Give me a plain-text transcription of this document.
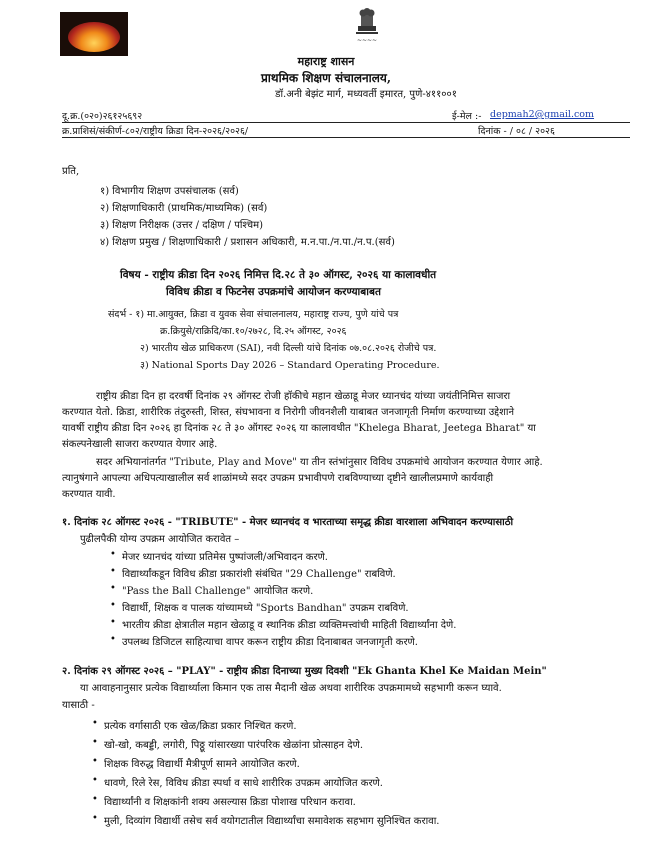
~~~~
महाराष्ट्र शासन
प्राथमिक शिक्षण संचालनालय,
डॉ.अनी बेझंट मार्ग, मध्यवर्ती इमारत, पुणे-४११००१
दू.क्र.(०२०)२६१२५६९२	ई-मेल :- depmah2@gmail.com
क्र.प्राशिसं/संकीर्ण-८०२/राष्ट्रीय क्रिडा दिन-२०२६/२०२६/	दिनांक - / ०८ / २०२६
प्रति,
१) विभागीय शिक्षण उपसंचालक (सर्व)
२) शिक्षणाधिकारी (प्राथमिक/माध्यमिक) (सर्व)
३) शिक्षण निरीक्षक (उत्तर / दक्षिण / पश्चिम)
४) शिक्षण प्रमुख / शिक्षणाधिकारी / प्रशासन अधिकारी, म.न.पा./न.पा./न.प.(सर्व)
विषय - राष्ट्रीय क्रीडा दिन २०२६ निमित्त दि.२८ ते ३० ऑगस्ट, २०२६ या कालावधीत
विविध क्रीडा व फिटनेस उपक्रमांचे आयोजन करण्याबाबत
संदर्भ - १) मा.आयुक्त, क्रिडा व युवक सेवा संचालनालय, महाराष्ट्र राज्य, पुणे यांचे पत्र
क्र.क्रियुसे/राक्रिदि/का.१०/२७२८, दि.२५ ऑगस्ट, २०२६
२) भारतीय खेळ प्राधिकरण (SAI), नवी दिल्ली यांचे दिनांक ०७.०८.२०२६ रोजीचे पत्र.
३) National Sports Day 2026 – Standard Operating Procedure.
राष्ट्रीय क्रीडा दिन हा दरवर्षी दिनांक २९ ऑगस्ट रोजी हॉकीचे महान खेळाडू मेजर ध्यानचंद यांच्या जयंतीनिमित्त साजरा
करण्यात येतो. क्रिडा, शारीरिक तंदुरुस्ती, शिस्त, संघभावना व निरोगी जीवनशैली याबाबत जनजागृती निर्माण करण्याच्या उद्देशाने
यावर्षी राष्ट्रीय क्रीडा दिन २०२६ हा दिनांक २८ ते ३० ऑगस्ट २०२६ या कालावधीत "Khelega Bharat, Jeetega Bharat" या
संकल्पनेखाली साजरा करण्यात येणार आहे.
सदर अभियानांतर्गत "Tribute, Play and Move" या तीन स्तंभांनुसार विविध उपक्रमांचे आयोजन करण्यात येणार आहे.
त्यानुषंगाने आपल्या अधिपत्याखालील सर्व शाळांमध्ये सदर उपक्रम प्रभावीपणे राबविण्याच्या दृष्टीने खालीलप्रमाणे कार्यवाही
करण्यात यावी.
१. दिनांक २८ ऑगस्ट २०२६ - "TRIBUTE" - मेजर ध्यानचंद व भारताच्या समृद्ध क्रीडा वारशाला अभिवादन करण्यासाठी
पुढीलपैकी योग्य उपक्रम आयोजित करावेत –
• मेजर ध्यानचंद यांच्या प्रतिमेस पुष्पांजली/अभिवादन करणे.
• विद्यार्थ्यांकडून विविध क्रीडा प्रकारांशी संबंधित "29 Challenge" राबविणे.
• "Pass the Ball Challenge" आयोजित करणे.
• विद्यार्थी, शिक्षक व पालक यांच्यामध्ये "Sports Bandhan" उपक्रम राबविणे.
• भारतीय क्रीडा क्षेत्रातील महान खेळाडू व स्थानिक क्रीडा व्यक्तिमत्त्वांची माहिती विद्यार्थ्यांना देणे.
• उपलब्ध डिजिटल साहित्याचा वापर करून राष्ट्रीय क्रीडा दिनाबाबत जनजागृती करणे.
२. दिनांक २९ ऑगस्ट २०२६ – "PLAY" - राष्ट्रीय क्रीडा दिनाच्या मुख्य दिवशी "Ek Ghanta Khel Ke Maidan Mein"
या आवाहनानुसार प्रत्येक विद्यार्थ्याला किमान एक तास मैदानी खेळ अथवा शारीरिक उपक्रमामध्ये सहभागी करून घ्यावे.
यासाठी -
• प्रत्येक वर्गासाठी एक खेळ/क्रिडा प्रकार निश्चित करणे.
• खो-खो, कबड्डी, लगोरी, पिठ्ठू यांसारख्या पारंपरिक खेळांना प्रोत्साहन देणे.
• शिक्षक विरुद्ध विद्यार्थी मैत्रीपूर्ण सामने आयोजित करणे.
• धावणे, रिले रेस, विविध क्रीडा स्पर्धा व साधे शारीरिक उपक्रम आयोजित करणे.
• विद्यार्थ्यांनी व शिक्षकांनी शक्य असल्यास क्रिडा पोशाख परिधान करावा.
• मुली, दिव्यांग विद्यार्थी तसेच सर्व वयोगटातील विद्यार्थ्यांचा समावेशक सहभाग सुनिश्चित करावा.
